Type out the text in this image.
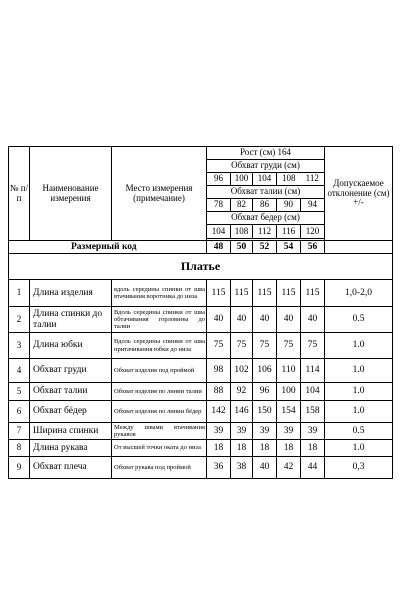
№ п/п	Наименование измерения	Место измерения (примечание)	Рост (см) 164					Допускаемое отклонение (см) +/-
			Обхват груди (см)					
			96	100	104	108	112	
			Обхват талии (см)					
			78	82	86	90	94	
			Обхват бедер (см)					
			104	108	112	116	120	

Размерный код			48	50	52	54	56	
Платье								
1	Длина изделия	вдоль середины спинки от шва втачивания воротника до низа	115	115	115	115	115	1,0-2,0
2	Длина спинки до талии	Вдоль середины спинки от шва обтачивания горловины до талии	40	40	40	40	40	0.5
3	Длина юбки	Вдоль середины спинки от шва притачивания юбки до низа	75	75	75	75	75	1.0
4	Обхват груди	Обхват изделия под проймой	98	102	106	110	114	1.0
5	Обхват талии	Обхват изделия по линии талии	88	92	96	100	104	1.0
6	Обхват бёдер	Обхват изделия по линии бёдер	142	146	150	154	158	1.0
7	Ширина спинки	Между швами втачивания рукавов	39	39	39	39	39	0.5
8	Длина рукава	От высшей точки оката до низа	18	18	18	18	18	1.0
9	Обхват плеча	Обхват рукава под проймой	36	38	40	42	44	0,3
